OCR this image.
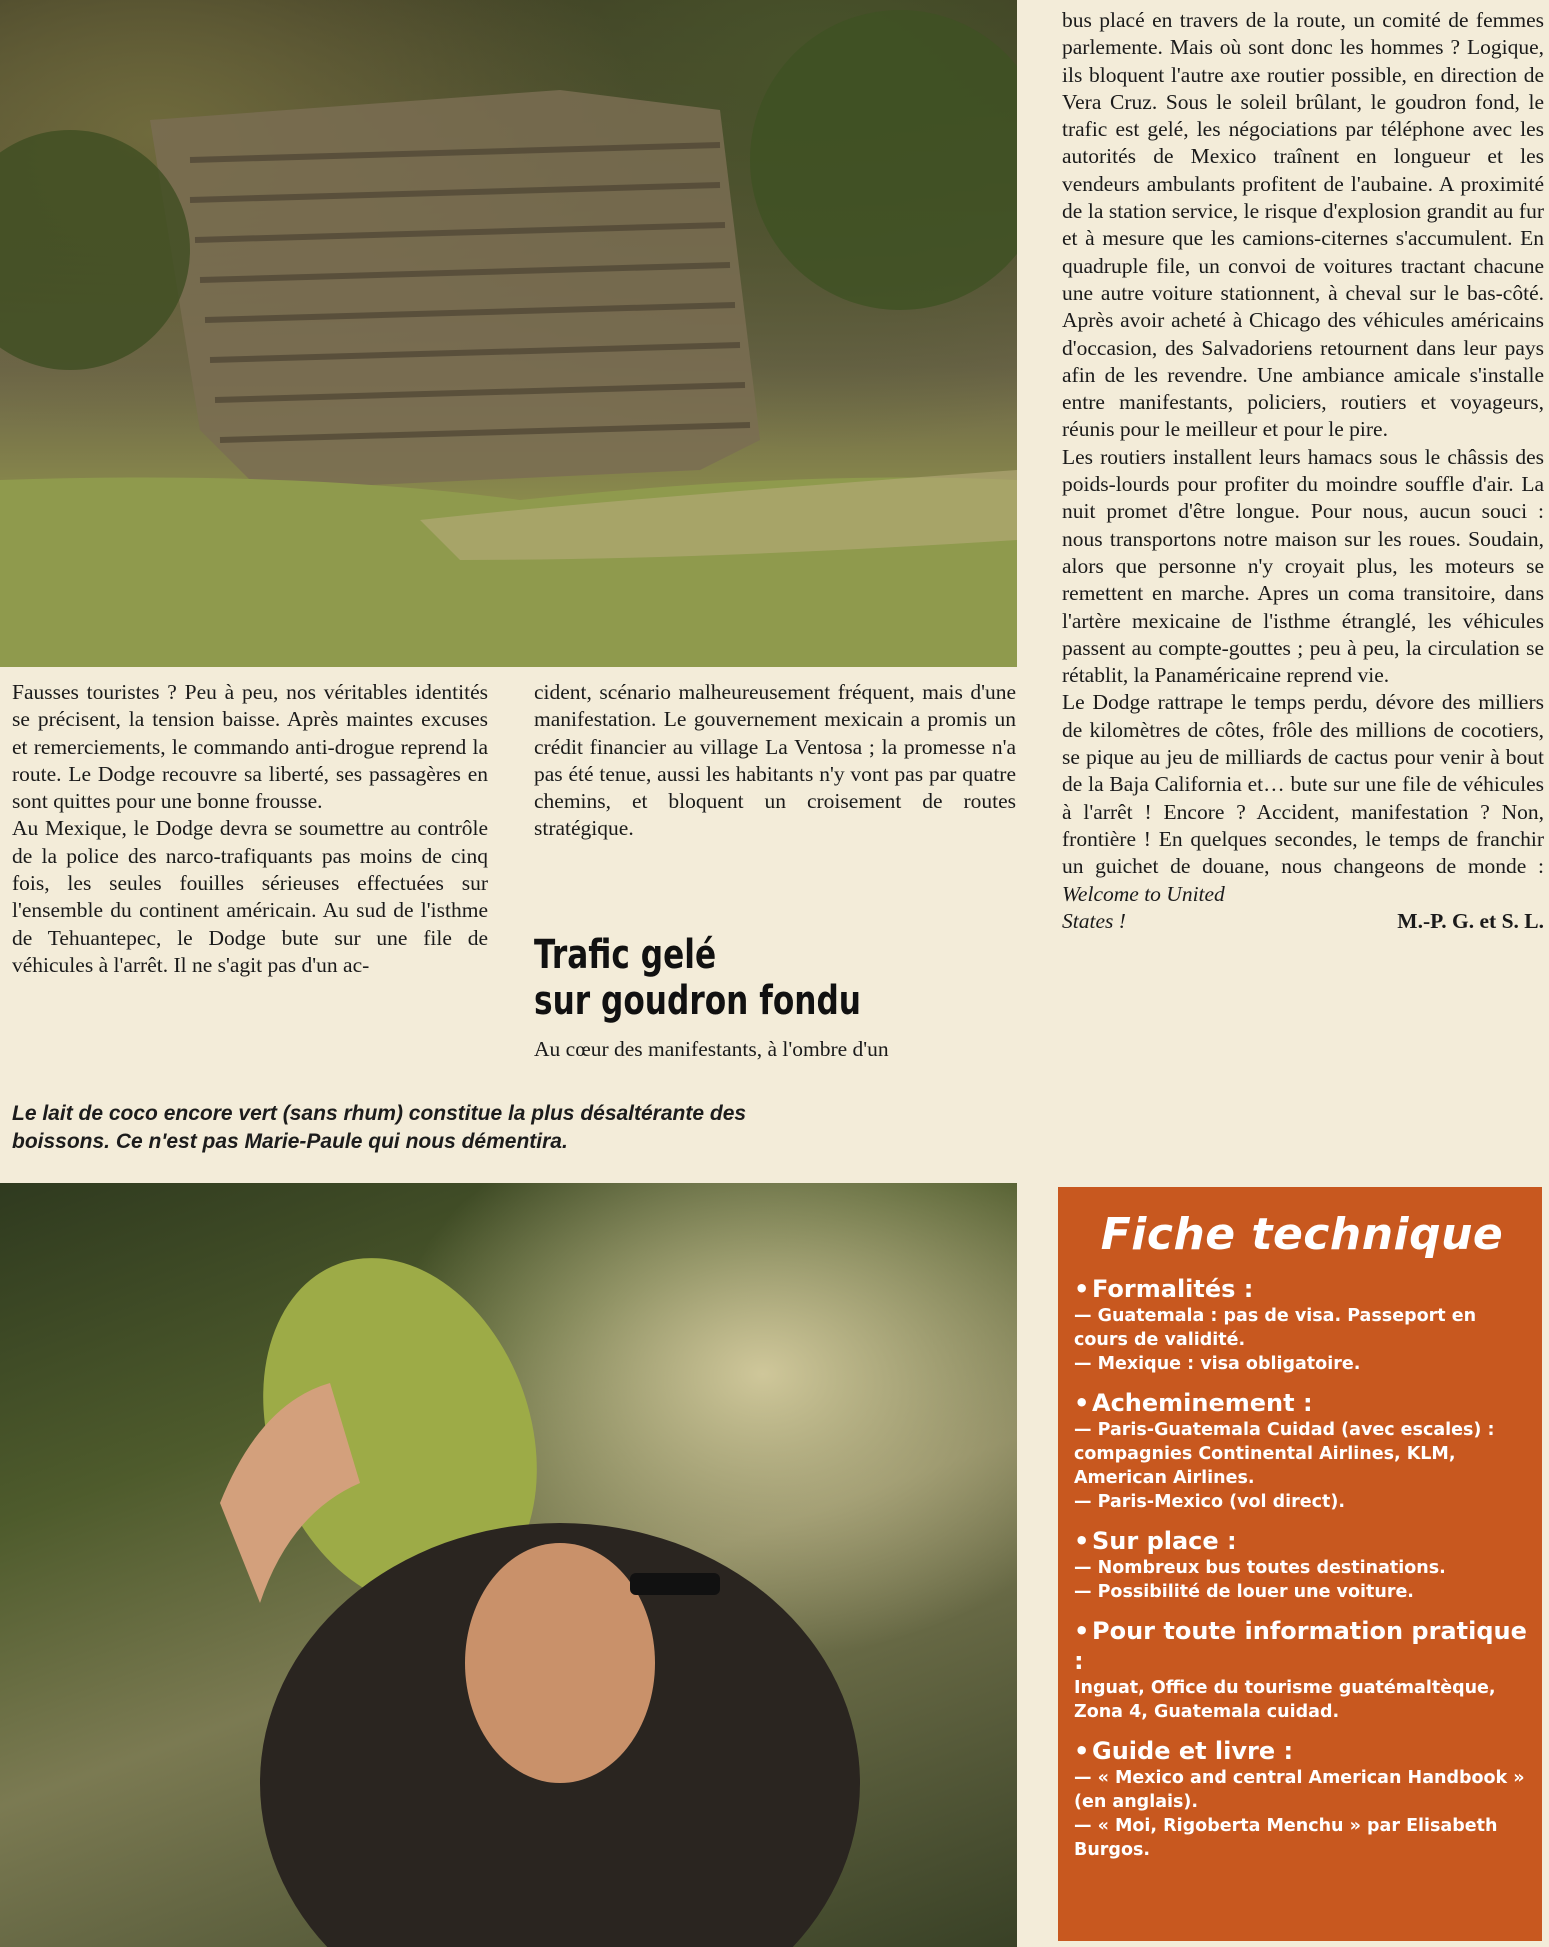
Fausses touristes ? Peu à peu, nos véritables identités se précisent, la tension baisse. Après maintes excuses et remerciements, le commando anti-drogue reprend la route. Le Dodge recouvre sa liberté, ses passagères en sont quittes pour une bonne frousse.

Au Mexique, le Dodge devra se soumettre au contrôle de la police des narco-trafiquants pas moins de cinq fois, les seules fouilles sérieuses effectuées sur l'ensemble du continent américain. Au sud de l'isthme de Tehuantepec, le Dodge bute sur une file de véhicules à l'arrêt. Il ne s'agit pas d'un ac-

cident, scénario malheureusement fréquent, mais d'une manifestation. Le gouvernement mexicain a promis un crédit financier au village La Ventosa ; la promesse n'a pas été tenue, aussi les habitants n'y vont pas par quatre chemins, et bloquent un croisement de routes stratégique.

Trafic gelé
sur goudron fondu
Au cœur des manifestants, à l'ombre d'un

bus placé en travers de la route, un comité de femmes parlemente. Mais où sont donc les hommes ? Logique, ils bloquent l'autre axe routier possible, en direction de Vera Cruz. Sous le soleil brûlant, le goudron fond, le trafic est gelé, les négociations par téléphone avec les autorités de Mexico traînent en longueur et les vendeurs ambulants profitent de l'aubaine. A proximité de la station service, le risque d'explosion grandit au fur et à mesure que les camions-citernes s'accumulent. En quadruple file, un convoi de voitures tractant chacune une autre voiture stationnent, à cheval sur le bas-côté. Après avoir acheté à Chicago des véhicules américains d'occasion, des Salvadoriens retournent dans leur pays afin de les revendre. Une ambiance amicale s'installe entre manifestants, policiers, routiers et voyageurs, réunis pour le meilleur et pour le pire.

Les routiers installent leurs hamacs sous le châssis des poids-lourds pour profiter du moindre souffle d'air. La nuit promet d'être longue. Pour nous, aucun souci : nous transportons notre maison sur les roues. Soudain, alors que personne n'y croyait plus, les moteurs se remettent en marche. Apres un coma transitoire, dans l'artère mexicaine de l'isthme étranglé, les véhicules passent au compte-gouttes ; peu à peu, la circulation se rétablit, la Panaméricaine reprend vie.

Le Dodge rattrape le temps perdu, dévore des milliers de kilomètres de côtes, frôle des millions de cocotiers, se pique au jeu de milliards de cactus pour venir à bout de la Baja California et… bute sur une file de véhicules à l'arrêt ! Encore ? Accident, manifestation ? Non, frontière ! En quelques secondes, le temps de franchir un guichet de douane, nous changeons de monde : Welcome to United

States !	M.-P. G. et S. L.
Le lait de coco encore vert (sans rhum) constitue la plus désaltérante des
boissons. Ce n'est pas Marie-Paule qui nous démentira.
Fiche technique
• Formalités :
— Guatemala : pas de visa. Passeport en cours de validité.
— Mexique : visa obligatoire.
• Acheminement :
— Paris-Guatemala Cuidad (avec escales) : compagnies Continental Airlines, KLM, American Airlines.
— Paris-Mexico (vol direct).
• Sur place :
— Nombreux bus toutes destinations.
— Possibilité de louer une voiture.
• Pour toute information pratique :
Inguat, Office du tourisme guatémaltèque, Zona 4, Guatemala cuidad.
• Guide et livre :
— « Mexico and central American Handbook » (en anglais).
— « Moi, Rigoberta Menchu » par Elisabeth Burgos.
